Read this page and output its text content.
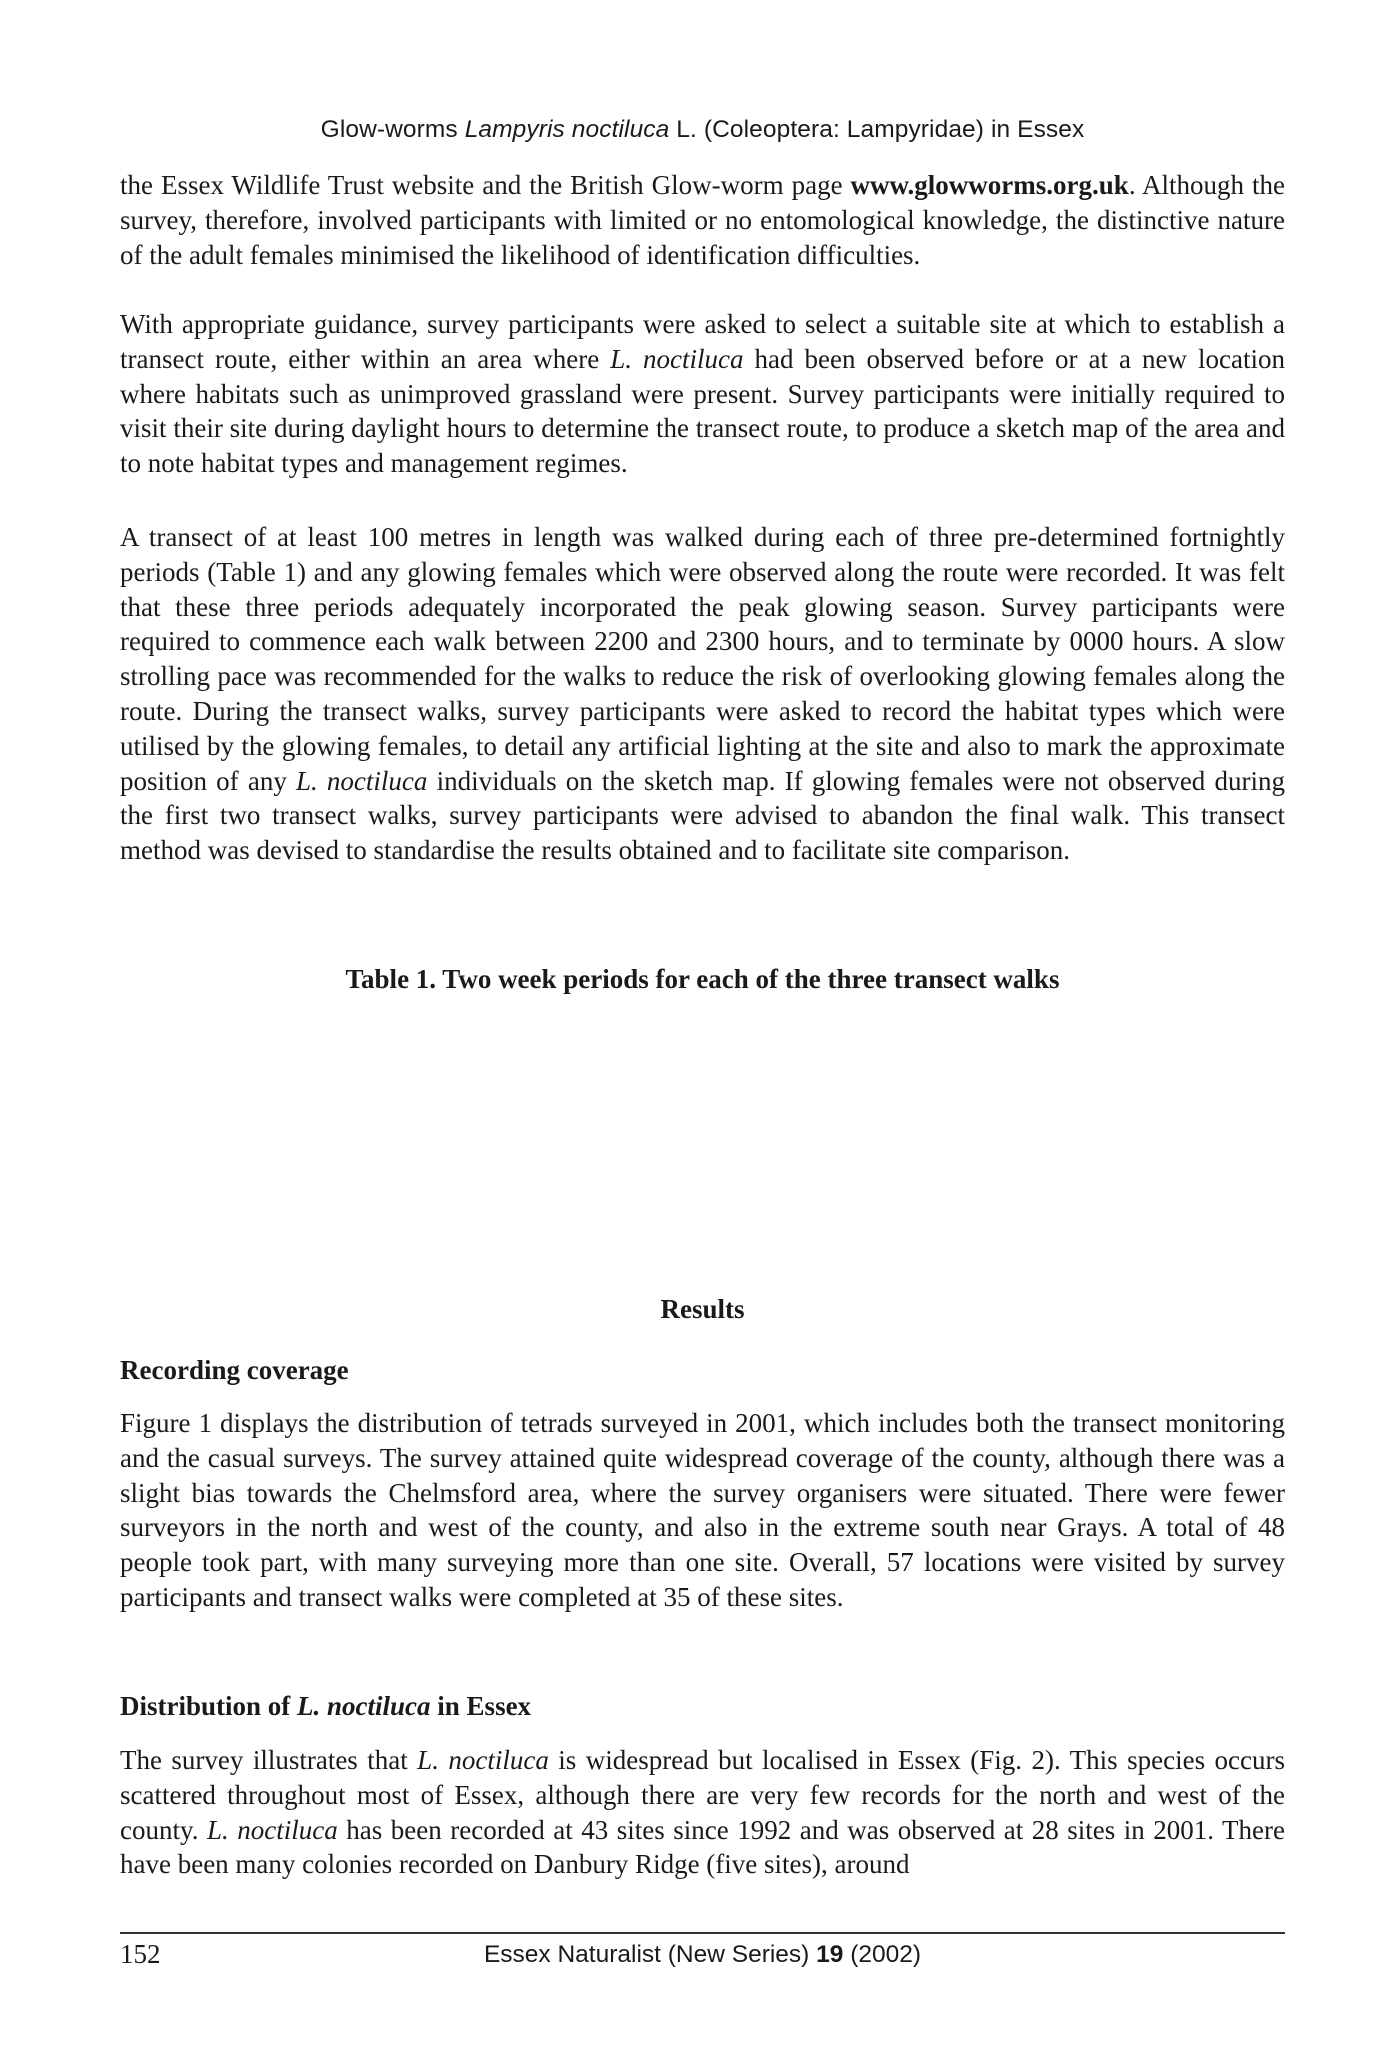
Glow-worms Lampyris noctiluca L. (Coleoptera: Lampyridae) in Essex

the Essex Wildlife Trust website and the British Glow-worm page www.glowworms.org.uk. Although the survey, therefore, involved participants with limited or no entomological knowledge, the distinctive nature of the adult females minimised the likelihood of identification difficulties.

With appropriate guidance, survey participants were asked to select a suitable site at which to establish a transect route, either within an area where L. noctiluca had been observed before or at a new location where habitats such as unimproved grassland were present. Survey participants were initially required to visit their site during daylight hours to determine the transect route, to produce a sketch map of the area and to note habitat types and management regimes.

A transect of at least 100 metres in length was walked during each of three pre-determined fortnightly periods (Table 1) and any glowing females which were observed along the route were recorded. It was felt that these three periods adequately incorporated the peak glowing season. Survey participants were required to commence each walk between 2200 and 2300 hours, and to terminate by 0000 hours. A slow strolling pace was recommended for the walks to reduce the risk of overlooking glowing females along the route. During the transect walks, survey participants were asked to record the habitat types which were utilised by the glowing females, to detail any artificial lighting at the site and also to mark the approximate position of any L. noctiluca individuals on the sketch map. If glowing females were not observed during the first two transect walks, survey participants were advised to abandon the final walk. This transect method was devised to standardise the results obtained and to facilitate site comparison.

Table 1. Two week periods for each of the three transect walks

Results

Recording coverage

Figure 1 displays the distribution of tetrads surveyed in 2001, which includes both the transect monitoring and the casual surveys. The survey attained quite widespread coverage of the county, although there was a slight bias towards the Chelmsford area, where the survey organisers were situated. There were fewer surveyors in the north and west of the county, and also in the extreme south near Grays. A total of 48 people took part, with many surveying more than one site. Overall, 57 locations were visited by survey participants and transect walks were completed at 35 of these sites.

Distribution of L. noctiluca in Essex

The survey illustrates that L. noctiluca is widespread but localised in Essex (Fig. 2). This species occurs scattered throughout most of Essex, although there are very few records for the north and west of the county. L. noctiluca has been recorded at 43 sites since 1992 and was observed at 28 sites in 2001. There have been many colonies recorded on Danbury Ridge (five sites), around

152	Essex Naturalist (New Series) 19 (2002)
